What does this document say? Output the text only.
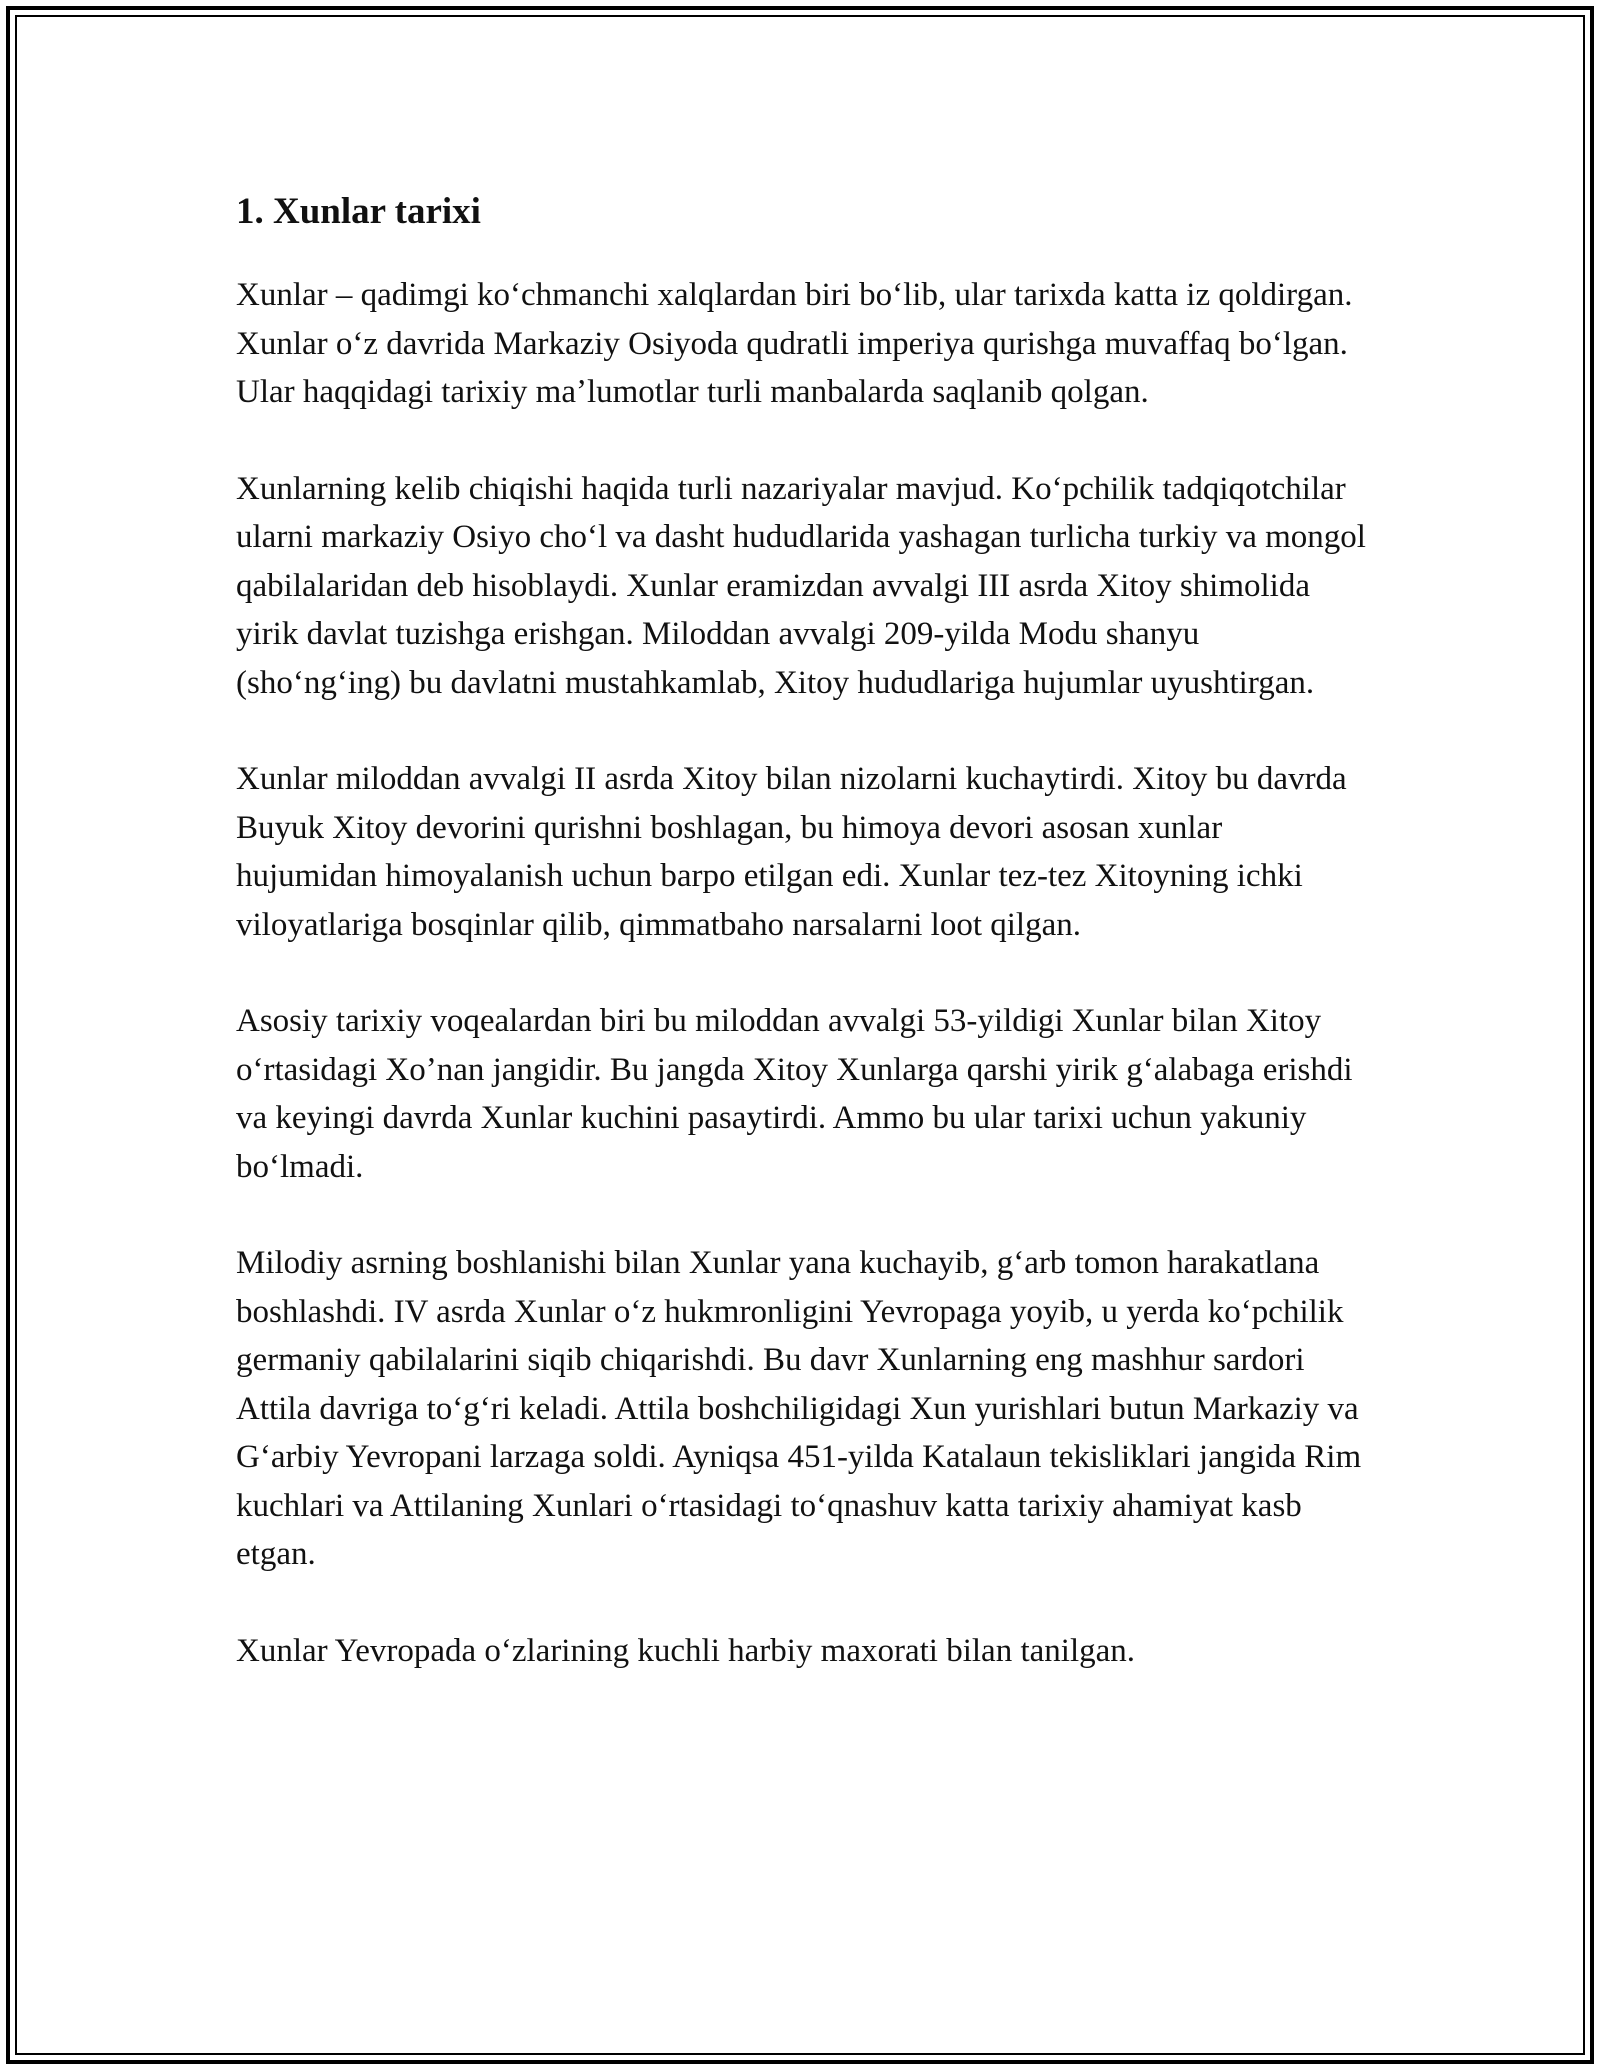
1. Xunlar tarixi

Xunlar – qadimgi koʻchmanchi xalqlardan biri boʻlib, ular tarixda katta iz qoldirgan. Xunlar oʻz davrida Markaziy Osiyoda qudratli imperiya qurishga muvaffaq boʻlgan. Ular haqqidagi tarixiy maʼlumotlar turli manbalarda saqlanib qolgan.

Xunlarning kelib chiqishi haqida turli nazariyalar mavjud. Koʻpchilik tadqiqotchilar ularni markaziy Osiyo choʻl va dasht hududlarida yashagan turlicha turkiy va mongol qabilalaridan deb hisoblaydi. Xunlar eramizdan avvalgi III asrda Xitoy shimolida yirik davlat tuzishga erishgan. Miloddan avvalgi 209-yilda Modu shanyu (shoʻngʻing) bu davlatni mustahkamlab, Xitoy hududlariga hujumlar uyushtirgan.

Xunlar miloddan avvalgi II asrda Xitoy bilan nizolarni kuchaytirdi. Xitoy bu davrda Buyuk Xitoy devorini qurishni boshlagan, bu himoya devori asosan xunlar hujumidan himoyalanish uchun barpo etilgan edi. Xunlar tez-tez Xitoyning ichki viloyatlariga bosqinlar qilib, qimmatbaho narsalarni loot qilgan.

Asosiy tarixiy voqealardan biri bu miloddan avvalgi 53-yildigi Xunlar bilan Xitoy oʻrtasidagi Xoʼnan jangidir. Bu jangda Xitoy Xunlarga qarshi yirik gʻalabaga erishdi va keyingi davrda Xunlar kuchini pasaytirdi. Ammo bu ular tarixi uchun yakuniy boʻlmadi.

Milodiy asrning boshlanishi bilan Xunlar yana kuchayib, gʻarb tomon harakatlana boshlashdi. IV asrda Xunlar oʻz hukmronligini Yevropaga yoyib, u yerda koʻpchilik germaniy qabilalarini siqib chiqarishdi. Bu davr Xunlarning eng mashhur sardori Attila davriga toʻgʻri keladi. Attila boshchiligidagi Xun yurishlari butun Markaziy va Gʻarbiy Yevropani larzaga soldi. Ayniqsa 451-yilda Katalaun tekisliklari jangida Rim kuchlari va Attilaning Xunlari oʻrtasidagi toʻqnashuv katta tarixiy ahamiyat kasb etgan.

Xunlar Yevropada oʻzlarining kuchli harbiy maxorati bilan tanilgan.
